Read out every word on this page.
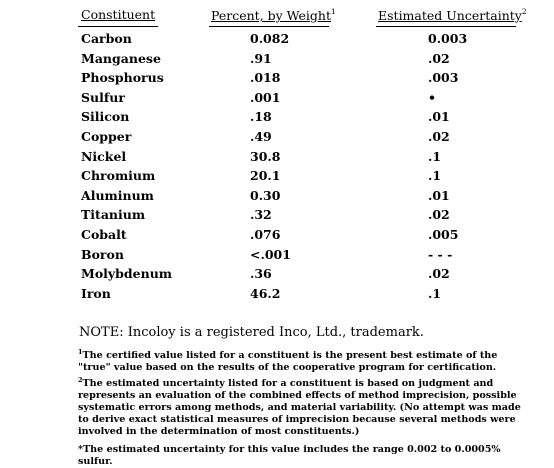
Constituent	Percent, by Weight$^1$	Estimated Uncertainty$^2$
Carbon	0.082	0.003
Manganese	.91	.02
Phosphorus	.018	.003
Sulfur	.001	•
Silicon	.18	.01
Copper	.49	.02
Nickel	30.8	.1
Chromium	20.1	.1
Aluminum	0.30	.01
Titanium	.32	.02
Cobalt	.076	.005
Boron	<.001	- - -
Molybdenum	.36	.02
Iron	46.2	.1
NOTE: Incoloy is a registered Inco, Ltd., trademark.
$^1$The certified value listed for a constituent is the present best estimate of the "true" value based on the results of the cooperative program for certification.
$^2$The estimated uncertainty listed for a constituent is based on judgment and represents an evaluation of the combined effects of method imprecision, possible systematic errors among methods, and material variability. (No attempt was made to derive exact statistical measures of imprecision because several methods were involved in the determination of most constituents.)
*The estimated uncertainty for this value includes the range 0.002 to 0.0005% sulfur.
